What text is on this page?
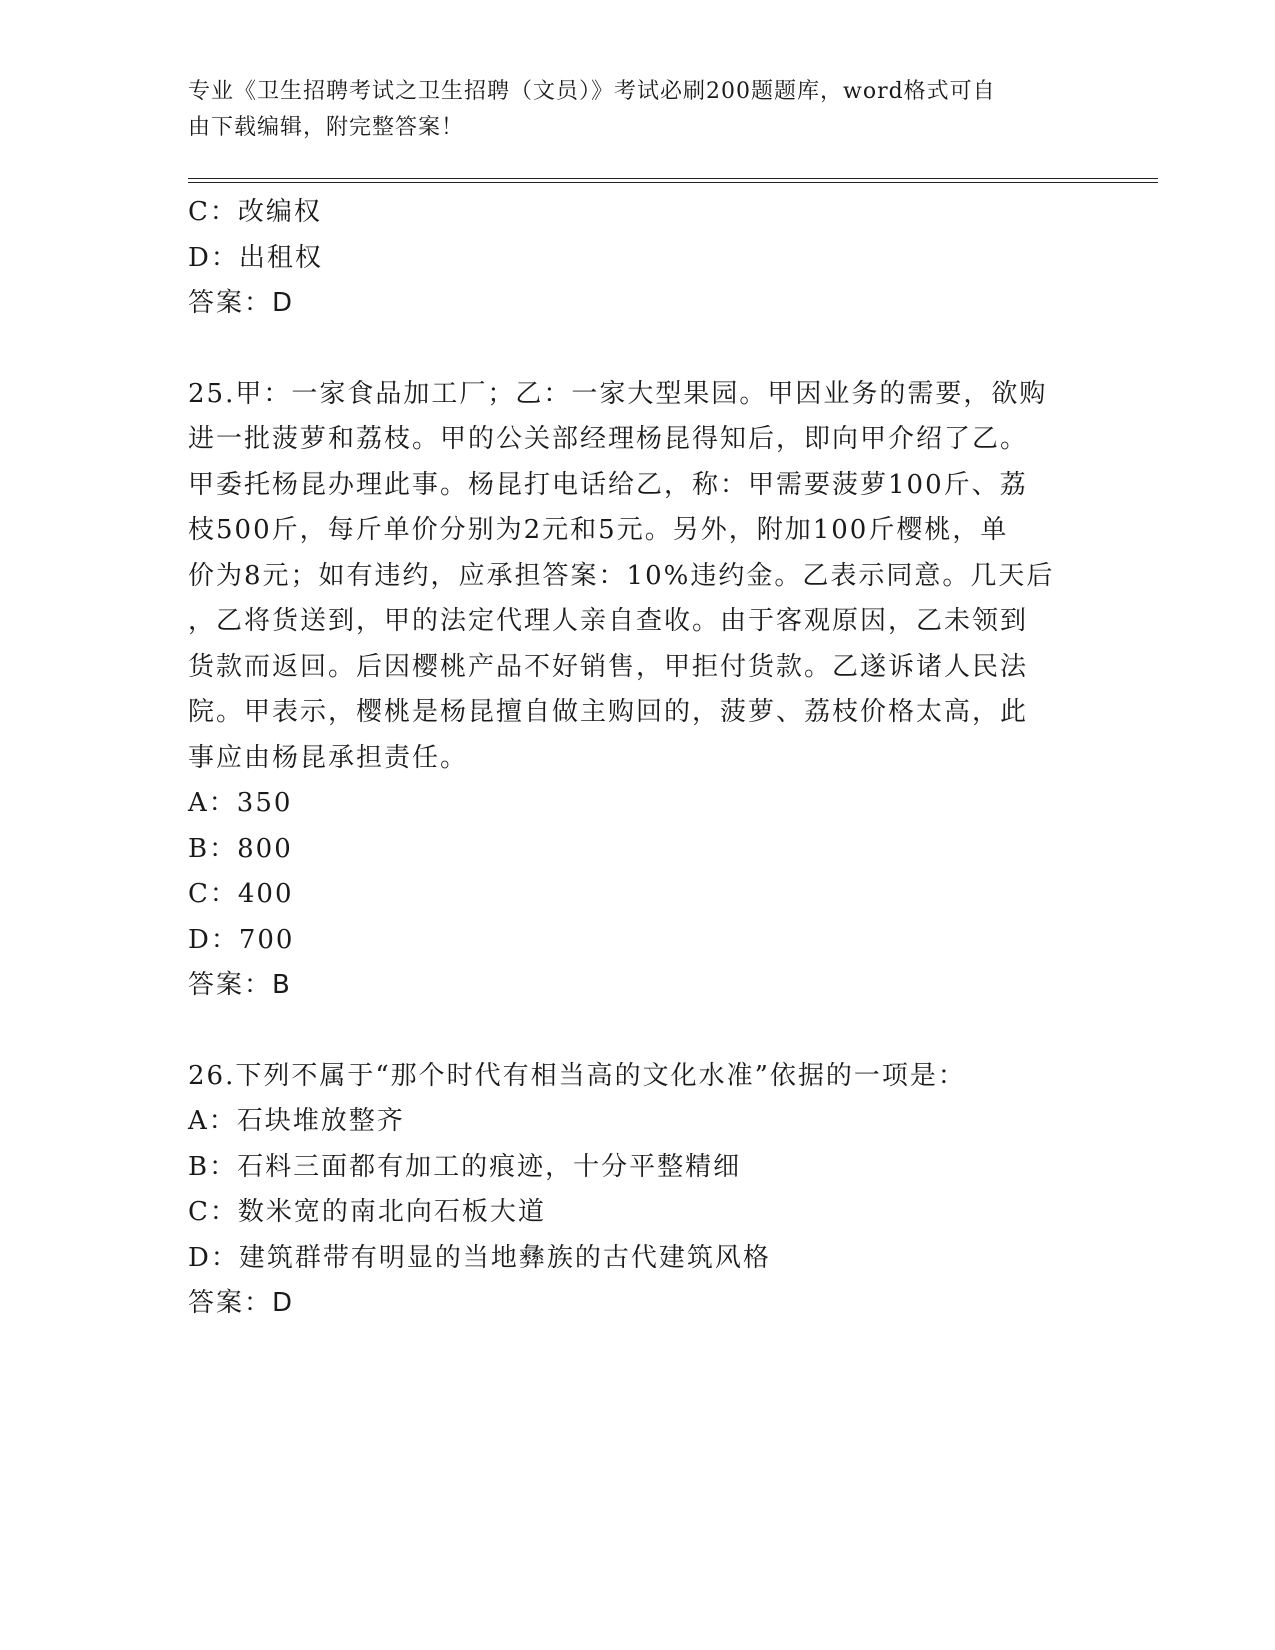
专业《卫生招聘考试之卫生招聘（文员）》考试必刷200题题库，word格式可自
由下载编辑，附完整答案！
C：改编权
D：出租权
答案：D
25.甲：一家食品加工厂；乙：一家大型果园。甲因业务的需要，欲购
进一批菠萝和荔枝。甲的公关部经理杨昆得知后，即向甲介绍了乙。
甲委托杨昆办理此事。杨昆打电话给乙，称：甲需要菠萝100斤、荔
枝500斤，每斤单价分别为2元和5元。另外，附加100斤樱桃，单
价为8元；如有违约，应承担答案：10%违约金。乙表示同意。几天后
，乙将货送到，甲的法定代理人亲自查收。由于客观原因，乙未领到
货款而返回。后因樱桃产品不好销售，甲拒付货款。乙遂诉诸人民法
院。甲表示，樱桃是杨昆擅自做主购回的，菠萝、荔枝价格太高，此
事应由杨昆承担责任。
A：350
B：800
C：400
D：700
答案：B
26.下列不属于“那个时代有相当高的文化水准”依据的一项是：
A：石块堆放整齐
B：石料三面都有加工的痕迹，十分平整精细
C：数米宽的南北向石板大道
D：建筑群带有明显的当地彝族的古代建筑风格
答案：D
